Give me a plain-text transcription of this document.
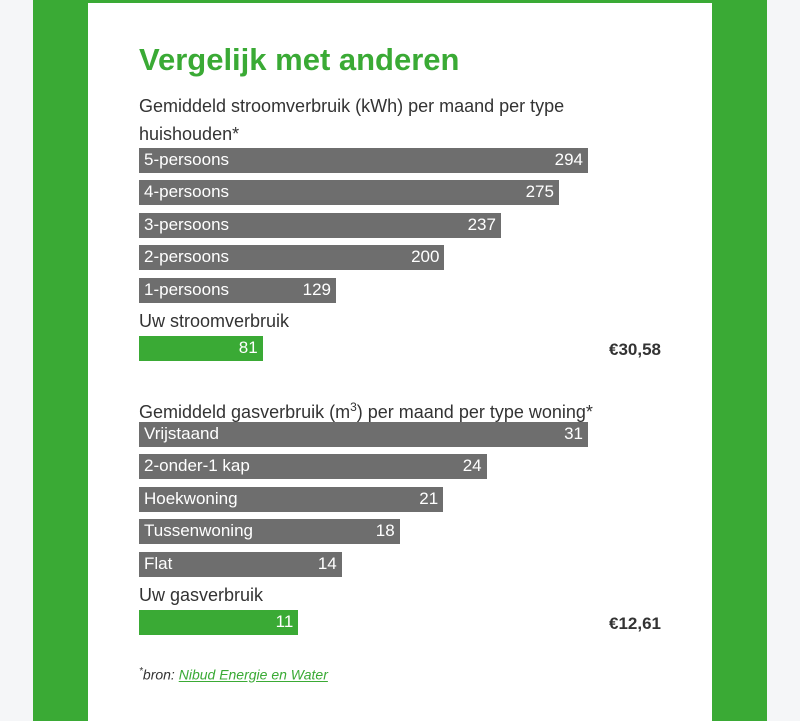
Vergelijk met anderen
Gemiddeld stroomverbruik (kWh) per maand per type huishouden*
5-persoons	294
4-persoons	275
3-persoons	237
2-persoons	200
1-persoons	129
Uw stroomverbruik
81	€30,58
Gemiddeld gasverbruik $(m^3)$ per maand per type woning*
Vrijstaand	31
2-onder-1 kap	24
Hoekwoning	21
Tussenwoning	18
Flat	14
Uw gasverbruik
11	€12,61
*bron: Nibud Energie en Water
